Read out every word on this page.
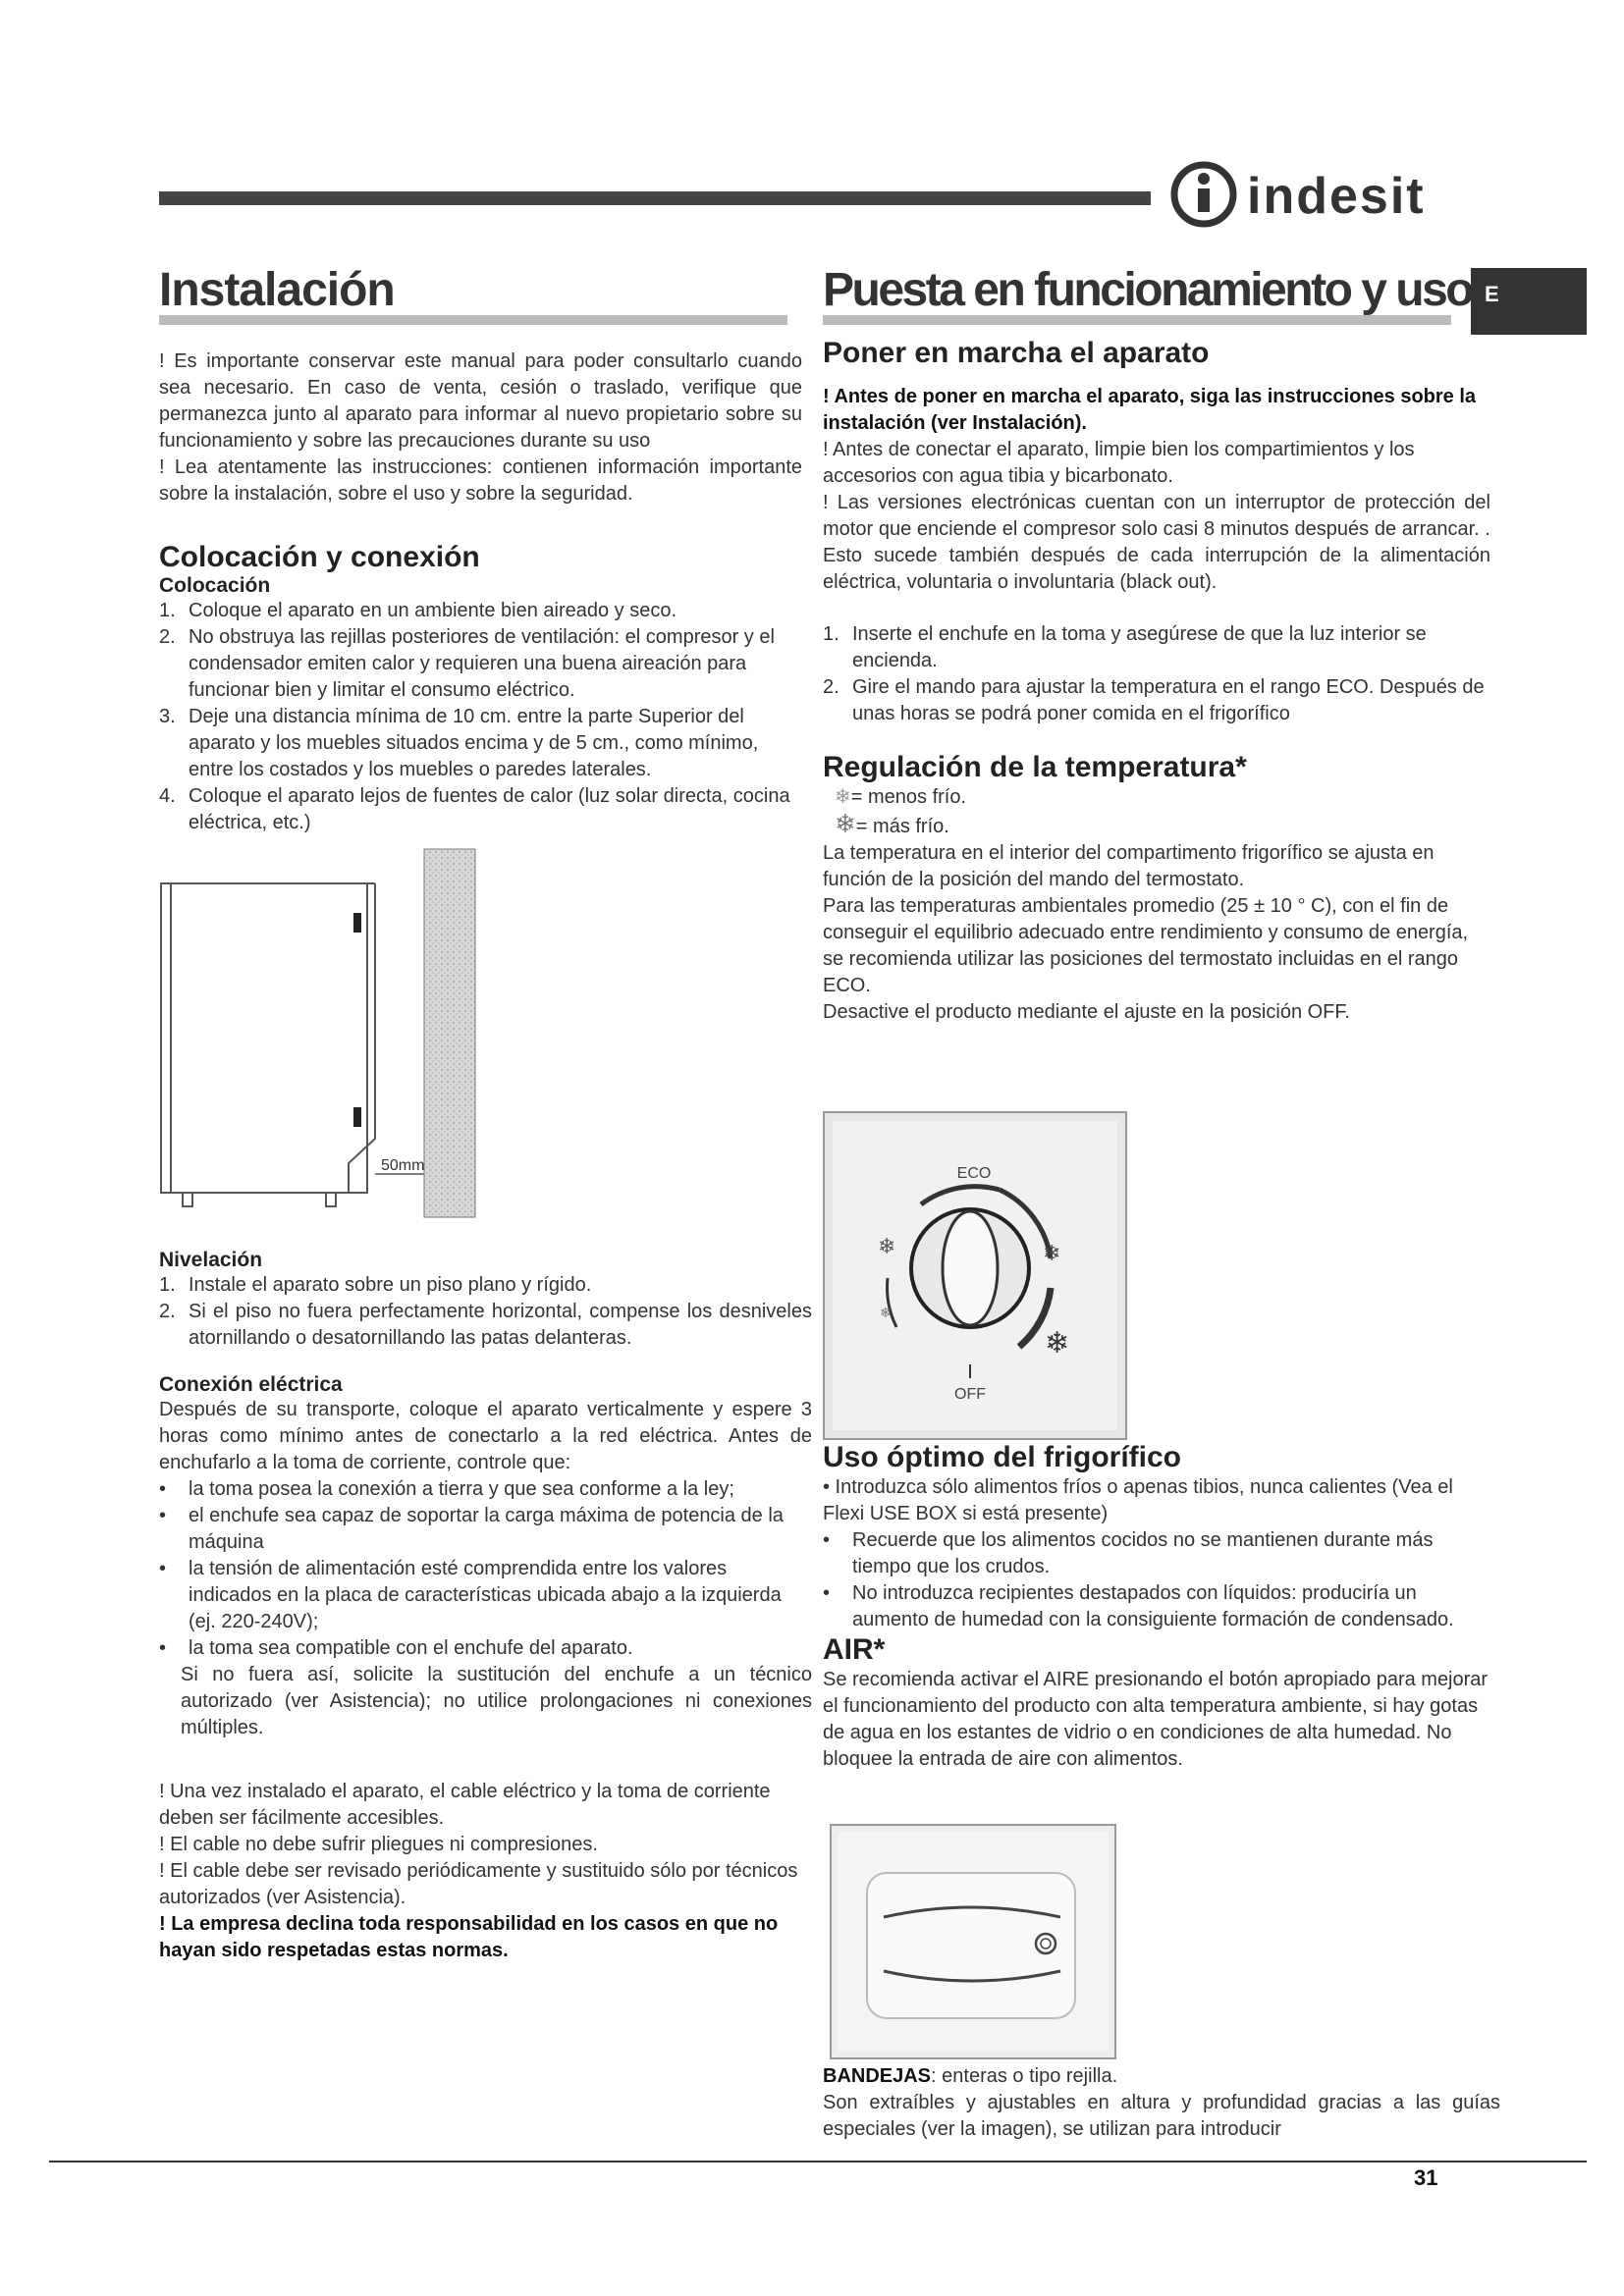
indesit
E
Instalación

! Es importante conservar este manual para poder consultarlo cuando sea necesario. En caso de venta, cesión o traslado, verifique que permanezca junto al aparato para informar al nuevo propietario sobre su funcionamiento y sobre las precauciones durante su uso

! Lea atentamente las instrucciones: contienen información importante sobre la instalación, sobre el uso y sobre la seguridad.

Colocación y conexión
Colocación
1. Coloque el aparato en un ambiente bien aireado y seco.
2. No obstruya las rejillas posteriores de ventilación: el compresor y el condensador emiten calor y requieren una buena aireación para funcionar bien y limitar el consumo eléctrico.
3. Deje una distancia mínima de 10 cm. entre la parte Superior del aparato y los muebles situados encima y de 5 cm., como mínimo, entre los costados y los muebles o paredes laterales.
4. Coloque el aparato lejos de fuentes de calor (luz solar directa, cocina eléctrica, etc.)
50mm
Nivelación
1. Instale el aparato sobre un piso plano y rígido.
2. Si el piso no fuera perfectamente horizontal, compense los desniveles atornillando o desatornillando las patas delanteras.
Conexión eléctrica

Después de su transporte, coloque el aparato verticalmente y espere 3 horas como mínimo antes de conectarlo a la red eléctrica. Antes de enchufarlo a la toma de corriente, controle que:

• la toma posea la conexión a tierra y que sea conforme a la ley;
• el enchufe sea capaz de soportar la carga máxima de potencia de la máquina
• la tensión de alimentación esté comprendida entre los valores indicados en la placa de características ubicada abajo a la izquierda (ej. 220-240V);
• la toma sea compatible con el enchufe del aparato.

Si no fuera así, solicite la sustitución del enchufe a un técnico autorizado (ver Asistencia); no utilice prolongaciones ni conexiones múltiples.

! Una vez instalado el aparato, el cable eléctrico y la toma de corriente deben ser fácilmente accesibles.

! El cable no debe sufrir pliegues ni compresiones.

! El cable debe ser revisado periódicamente y sustituido sólo por técnicos autorizados (ver Asistencia).

! La empresa declina toda responsabilidad en los casos en que no hayan sido respetadas estas normas.

Puesta en funcionamiento y uso
Poner en marcha el aparato

! Antes de poner en marcha el aparato, siga las instrucciones sobre la instalación (ver Instalación).

! Antes de conectar el aparato, limpie bien los compartimientos y los accesorios con agua tibia y bicarbonato.

! Las versiones electrónicas cuentan con un interruptor de protección del motor que enciende el compresor solo casi 8 minutos después de arrancar. . Esto sucede también después de cada interrupción de la alimentación eléctrica, voluntaria o involuntaria (black out).

1. Inserte el enchufe en la toma y asegúrese de que la luz interior se encienda.
2. Gire el mando para ajustar la temperatura en el rango ECO. Después de unas horas se podrá poner comida en el frigorífico
Regulación de la temperatura*

❄= menos frío.

❄= más frío.

La temperatura en el interior del compartimento frigorífico se ajusta en función de la posición del mando del termostato.

Para las temperaturas ambientales promedio (25 ± 10 ° C), con el fin de conseguir el equilibrio adecuado entre rendimiento y consumo de energía, se recomienda utilizar las posiciones del termostato incluidas en el rango ECO.

Desactive el producto mediante el ajuste en la posición OFF.

ECO
❄
❄
❄
❄
OFF
Uso óptimo del frigorífico

• Introduzca sólo alimentos fríos o apenas tibios, nunca calientes (Vea el Flexi USE BOX si está presente)

• Recuerde que los alimentos cocidos no se mantienen durante más tiempo que los crudos.
• No introduzca recipientes destapados con líquidos: produciría un aumento de humedad con la consiguiente formación de condensado.
AIR*

Se recomienda activar el AIRE presionando el botón apropiado para mejorar el funcionamiento del producto con alta temperatura ambiente, si hay gotas de agua en los estantes de vidrio o en condiciones de alta humedad. No bloquee la entrada de aire con alimentos.

BANDEJAS: enteras o tipo rejilla.

Son extraíbles y ajustables en altura y profundidad gracias a las guías especiales (ver la imagen), se utilizan para introducir

31
